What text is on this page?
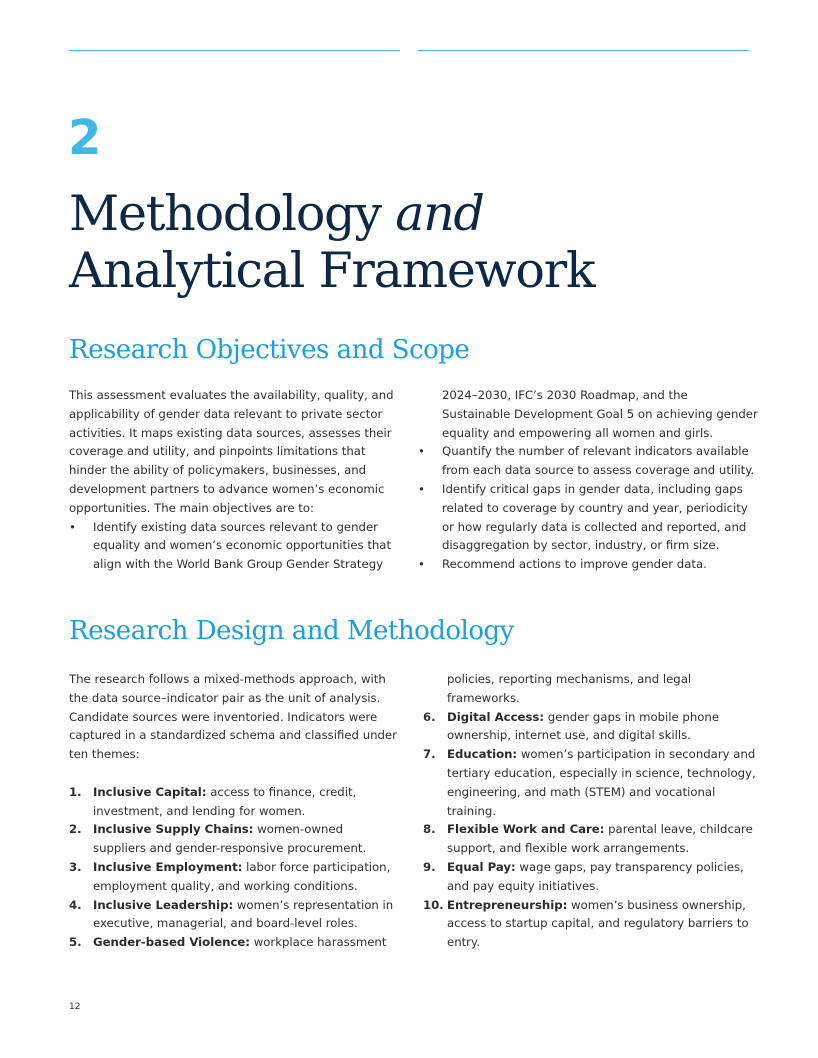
2
Methodology and
Analytical Framework
Research Objectives and Scope

This assessment evaluates the availability, quality, and applicability of gender data relevant to private sector activities. It maps existing data sources, assesses their coverage and utility, and pinpoints limitations that hinder the ability of policymakers, businesses, and development partners to advance women’s economic opportunities. The main objectives are to:

• Identify existing data sources relevant to gender equality and women’s economic opportunities that align with the World Bank Group Gender Strategy
2024–2030, IFC’s 2030 Roadmap, and the Sustainable Development Goal 5 on achieving gender equality and empowering all women and girls.
• Quantify the number of relevant indicators available from each data source to assess coverage and utility.
• Identify critical gaps in gender data, including gaps related to coverage by country and year, periodicity or how regularly data is collected and reported, and disaggregation by sector, industry, or firm size.
• Recommend actions to improve gender data.
Research Design and Methodology

The research follows a mixed-methods approach, with the data source–indicator pair as the unit of analysis. Candidate sources were inventoried. Indicators were captured in a standardized schema and classified under ten themes:

1. Inclusive Capital: access to finance, credit, investment, and lending for women.
2. Inclusive Supply Chains: women-owned suppliers and gender-responsive procurement.
3. Inclusive Employment: labor force participation, employment quality, and working conditions.
4. Inclusive Leadership: women’s representation in executive, managerial, and board-level roles.
5. Gender-based Violence: workplace harassment
policies, reporting mechanisms, and legal frameworks.
6. Digital Access: gender gaps in mobile phone ownership, internet use, and digital skills.
7. Education: women’s participation in secondary and tertiary education, especially in science, technology, engineering, and math (STEM) and vocational training.
8. Flexible Work and Care: parental leave, childcare support, and flexible work arrangements.
9. Equal Pay: wage gaps, pay transparency policies, and pay equity initiatives.
10. Entrepreneurship: women’s business ownership, access to startup capital, and regulatory barriers to entry.
12
